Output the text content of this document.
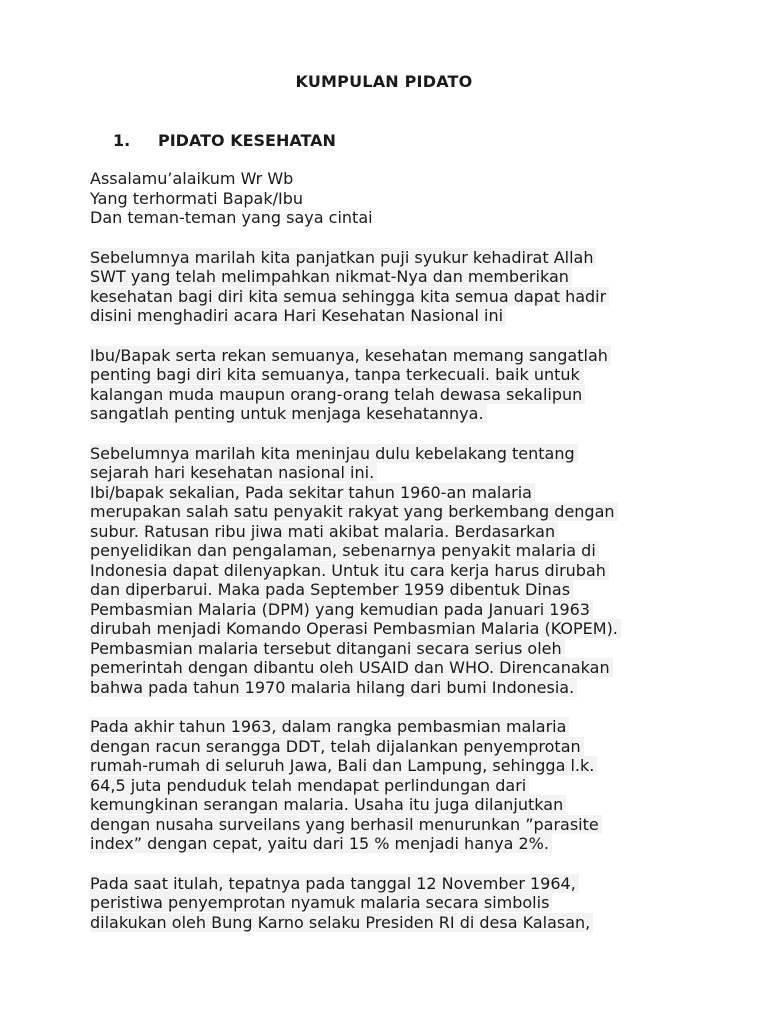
KUMPULAN PIDATO
1. PIDATO KESEHATAN
Assalamu’alaikum Wr Wb
Yang terhormati Bapak/Ibu
Dan teman-teman yang saya cintai
Sebelumnya marilah kita panjatkan puji syukur kehadirat Allah
SWT yang telah melimpahkan nikmat-Nya dan memberikan
kesehatan bagi diri kita semua sehingga kita semua dapat hadir
disini menghadiri acara Hari Kesehatan Nasional ini
Ibu/Bapak serta rekan semuanya, kesehatan memang sangatlah
penting bagi diri kita semuanya, tanpa terkecuali. baik untuk
kalangan muda maupun orang-orang telah dewasa sekalipun
sangatlah penting untuk menjaga kesehatannya.
Sebelumnya marilah kita meninjau dulu kebelakang tentang
sejarah hari kesehatan nasional ini.
Ibi/bapak sekalian, Pada sekitar tahun 1960-an malaria
merupakan salah satu penyakit rakyat yang berkembang dengan
subur. Ratusan ribu jiwa mati akibat malaria. Berdasarkan
penyelidikan dan pengalaman, sebenarnya penyakit malaria di
Indonesia dapat dilenyapkan. Untuk itu cara kerja harus dirubah
dan diperbarui. Maka pada September 1959 dibentuk Dinas
Pembasmian Malaria (DPM) yang kemudian pada Januari 1963
dirubah menjadi Komando Operasi Pembasmian Malaria (KOPEM).
Pembasmian malaria tersebut ditangani secara serius oleh
pemerintah dengan dibantu oleh USAID dan WHO. Direncanakan
bahwa pada tahun 1970 malaria hilang dari bumi Indonesia.
Pada akhir tahun 1963, dalam rangka pembasmian malaria
dengan racun serangga DDT, telah dijalankan penyemprotan
rumah-rumah di seluruh Jawa, Bali dan Lampung, sehingga l.k.
64,5 juta penduduk telah mendapat perlindungan dari
kemungkinan serangan malaria. Usaha itu juga dilanjutkan
dengan nusaha surveilans yang berhasil menurunkan ”parasite
index” dengan cepat, yaitu dari 15 % menjadi hanya 2%.
Pada saat itulah, tepatnya pada tanggal 12 November 1964,
peristiwa penyemprotan nyamuk malaria secara simbolis
dilakukan oleh Bung Karno selaku Presiden RI di desa Kalasan,
